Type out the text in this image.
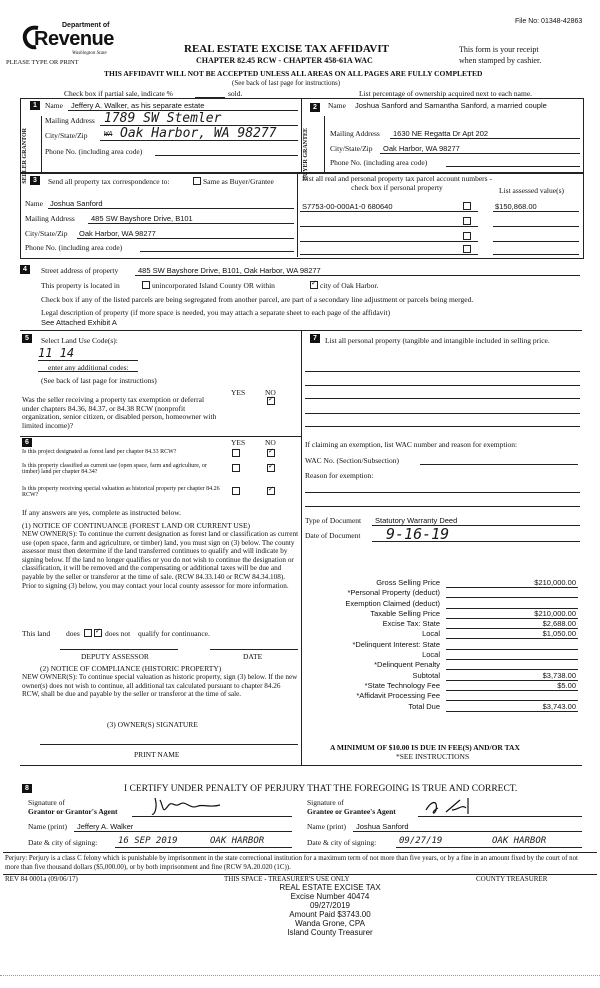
File No: 01348-42863
Department of
Revenue
Washington State
PLEASE TYPE OR PRINT
REAL ESTATE EXCISE TAX AFFIDAVIT
CHAPTER 82.45 RCW - CHAPTER 458-61A WAC
This form is your receipt
when stamped by cashier.
THIS AFFIDAVIT WILL NOT BE ACCEPTED UNLESS ALL AREAS ON ALL PAGES ARE FULLY COMPLETED
(See back of last page for instructions)
Check box if partial sale, indicate %	sold.	List percentage of ownership acquired next to each name.
1
SELLER GRANTOR
Name Jeffery A. Walker, as his separate estate
Mailing Address 1789 SW Stemler
City/State/Zip WA Oak Harbor, WA 98277
Phone No. (including area code)
2
BUYER GRANTEE
Name Joshua Sanford and Samantha Sanford, a married couple
Mailing Address 1630 NE Regatta Dr Apt 202
City/State/Zip Oak Harbor, WA 98277
Phone No. (including area code)
3	Send all property tax correspondence to:	Same as Buyer/Grantee
Name Joshua Sanford
Mailing Address 485 SW Bayshore Drive, B101
City/State/Zip Oak Harbor, WA 98277
Phone No. (including area code)
List all real and personal property tax parcel account numbers - check box if personal property	List assessed value(s)
S7753-00-000A1-0 680640	$150,868.00
4	Street address of property	485 SW Bayshore Drive, B101, Oak Harbor, WA 98277
This property is located in	unincorporated Island County OR within ✓	city of Oak Harbor.
Check box if any of the listed parcels are being segregated from another parcel, are part of a secondary line adjustment or parcels being merged.
Legal description of property (if more space is needed, you may attach a separate sheet to each page of the affidavit)
See Attached Exhibit A
5	Select Land Use Code(s):
11 14
enter any additional codes:
(See back of last page for instructions)
YES	NO
Was the seller receiving a property tax exemption or deferral under chapters 84.36, 84.37, or 84.38 RCW (nonprofit organization, senior citizen, or disabled person, homeowner with limited income)?
✓
6	YES	NO
Is this project designated as forest land per chapter 84.33 RCW?
✓
Is this property classified as current use (open space, farm and agriculture, or timber) land per chapter 84.34?
✓
Is this property receiving special valuation as historical property per chapter 84.26 RCW?
✓
If any answers are yes, complete as instructed below.
(1) NOTICE OF CONTINUANCE (FOREST LAND OR CURRENT USE)
NEW OWNER(S): To continue the current designation as forest land or classification as current use (open space, farm and agriculture, or timber) land, you must sign on (3) below. The county assessor must then determine if the land transferred continues to qualify and will indicate by signing below. If the land no longer qualifies or you do not wish to continue the designation or classification, it will be removed and the compensating or additional taxes will be due and payable by the seller or transferor at the time of sale. (RCW 84.33.140 or RCW 84.34.108). Prior to signing (3) below, you may contact your local county assessor for more information.
This land does ✓	does not qualify for continuance.
DEPUTY ASSESSOR	DATE
(2) NOTICE OF COMPLIANCE (HISTORIC PROPERTY)
NEW OWNER(S): To continue special valuation as historic property, sign (3) below. If the new owner(s) does not wish to continue, all additional tax calculated pursuant to chapter 84.26 RCW, shall be due and payable by the seller or transferor at the time of sale.
(3) OWNER(S) SIGNATURE
PRINT NAME
7	List all personal property (tangible and intangible included in selling price.
If claiming an exemption, list WAC number and reason for exemption:
WAC No. (Section/Subsection)
Reason for exemption:
Type of Document Statutory Warranty Deed
Date of Document 9-16-19
Gross Selling Price	$210,000.00
*Personal Property (deduct)
Exemption Claimed (deduct)
Taxable Selling Price	$210,000.00
Excise Tax: State	$2,688.00
Local	$1,050.00
*Delinquent Interest: State
Local
*Delinquent Penalty
Subtotal	$3,738.00
*State Technology Fee	$5.00
*Affidavit Processing Fee
Total Due	$3,743.00
A MINIMUM OF $10.00 IS DUE IN FEE(S) AND/OR TAX
*SEE INSTRUCTIONS
8	I CERTIFY UNDER PENALTY OF PERJURY THAT THE FOREGOING IS TRUE AND CORRECT.
Signature of
Grantor or Grantor's Agent
Name (print) Jeffery A. Walker
Date & city of signing: 16 SEP 2019	OAK HARBOR
Signature of
Grantee or Grantee's Agent
Name (print) Joshua Sanford
Date & city of signing:	09/27/19	OAK HARBOR
Perjury: Perjury is a class C felony which is punishable by imprisonment in the state correctional institution for a maximum term of not more than five years, or by a fine in an amount fixed by the court of not more than five thousand dollars ($5,000.00), or by both imprisonment and fine (RCW 9A.20.020 (1C)).
REV 84 0001a (09/06/17)	THIS SPACE - TREASURER'S USE ONLY	COUNTY TREASURER
REAL ESTATE EXCISE TAX
Excise Number 40474
09/27/2019
Amount Paid $3743.00
Wanda Grone, CPA
Island County Treasurer
